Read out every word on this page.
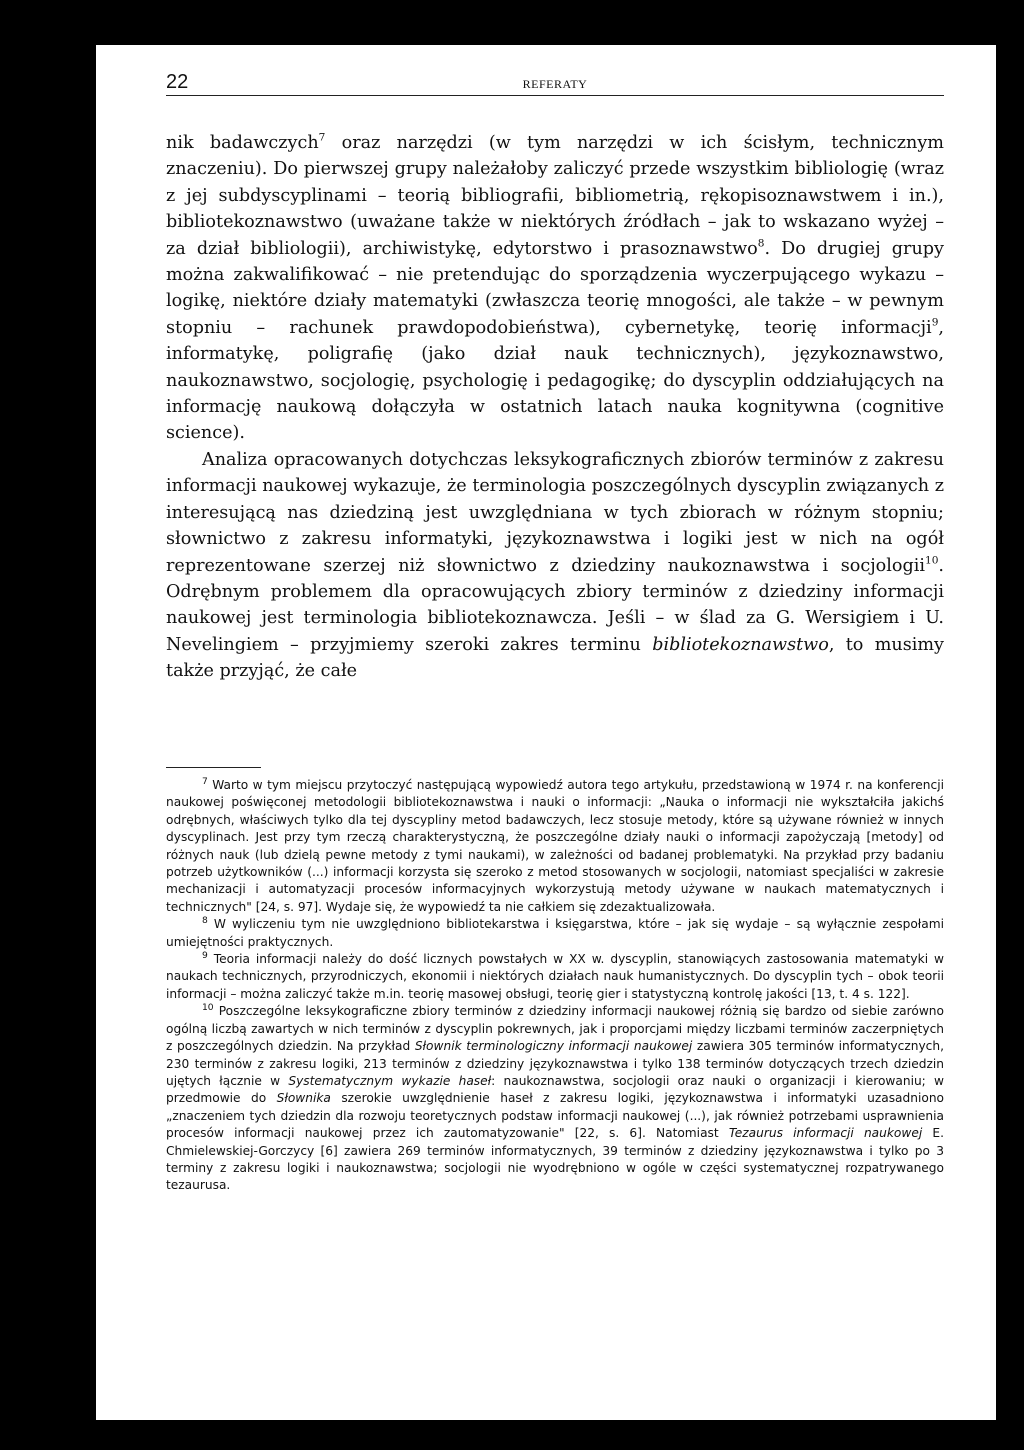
22	REFERATY

nik badawczych$^7$ oraz narzędzi (w tym narzędzi w ich ścisłym, technicznym znaczeniu). Do pierwszej grupy należałoby zaliczyć przede wszystkim bibliologię (wraz z jej subdyscyplinami – teorią bibliografii, bibliometrią, rękopisoznawstwem i in.), bibliotekoznawstwo (uważane także w niektórych źródłach – jak to wskazano wyżej – za dział bibliologii), archiwistykę, edytorstwo i prasoznawstwo$^8$. Do drugiej grupy można zakwalifikować – nie pretendując do sporządzenia wyczerpującego wykazu – logikę, niektóre działy matematyki (zwłaszcza teorię mnogości, ale także – w pewnym stopniu – rachunek prawdopodobieństwa), cybernetykę, teorię informacji$^9$, informatykę, poligrafię (jako dział nauk technicznych), językoznawstwo, naukoznawstwo, socjologię, psychologię i pedagogikę; do dyscyplin oddziałujących na informację naukową dołączyła w ostatnich latach nauka kognitywna (cognitive science).

Analiza opracowanych dotychczas leksykograficznych zbiorów terminów z zakresu informacji naukowej wykazuje, że terminologia poszczególnych dyscyplin związanych z interesującą nas dziedziną jest uwzględniana w tych zbiorach w różnym stopniu; słownictwo z zakresu informatyki, językoznawstwa i logiki jest w nich na ogół reprezentowane szerzej niż słownictwo z dziedziny naukoznawstwa i socjologii$^{10}$. Odrębnym problemem dla opracowujących zbiory terminów z dziedziny informacji naukowej jest terminologia bibliotekoznawcza. Jeśli – w ślad za G. Wersigiem i U. Nevelingiem – przyjmiemy szeroki zakres terminu bibliotekoznawstwo, to musimy także przyjąć, że całe

$^7$ Warto w tym miejscu przytoczyć następującą wypowiedź autora tego artykułu, przedstawioną w 1974 r. na konferencji naukowej poświęconej metodologii bibliotekoznawstwa i nauki o informacji: „Nauka o informacji nie wykształciła jakichś odrębnych, właściwych tylko dla tej dyscypliny metod badawczych, lecz stosuje metody, które są używane również w innych dyscyplinach. Jest przy tym rzeczą charakterystyczną, że poszczególne działy nauki o informacji zapożyczają [metody] od różnych nauk (lub dzielą pewne metody z tymi naukami), w zależności od badanej problematyki. Na przykład przy badaniu potrzeb użytkowników (...) informacji korzysta się szeroko z metod stosowanych w socjologii, natomiast specjaliści w zakresie mechanizacji i automatyzacji procesów informacyjnych wykorzystują metody używane w naukach matematycznych i technicznych" [24, s. 97]. Wydaje się, że wypowiedź ta nie całkiem się zdezaktualizowała.

$^8$ W wyliczeniu tym nie uwzględniono bibliotekarstwa i księgarstwa, które – jak się wydaje – są wyłącznie zespołami umiejętności praktycznych.

$^9$ Teoria informacji należy do dość licznych powstałych w XX w. dyscyplin, stanowiących zastosowania matematyki w naukach technicznych, przyrodniczych, ekonomii i niektórych działach nauk humanistycznych. Do dyscyplin tych – obok teorii informacji – można zaliczyć także m.in. teorię masowej obsługi, teorię gier i statystyczną kontrolę jakości [13, t. 4 s. 122].

$^{10}$ Poszczególne leksykograficzne zbiory terminów z dziedziny informacji naukowej różnią się bardzo od siebie zarówno ogólną liczbą zawartych w nich terminów z dyscyplin pokrewnych, jak i proporcjami między liczbami terminów zaczerpniętych z poszczególnych dziedzin. Na przykład Słownik terminologiczny informacji naukowej zawiera 305 terminów informatycznych, 230 terminów z zakresu logiki, 213 terminów z dziedziny językoznawstwa i tylko 138 terminów dotyczących trzech dziedzin ujętych łącznie w Systematycznym wykazie haseł: naukoznawstwa, socjologii oraz nauki o organizacji i kierowaniu; w przedmowie do Słownika szerokie uwzględnienie haseł z zakresu logiki, językoznawstwa i informatyki uzasadniono „znaczeniem tych dziedzin dla rozwoju teoretycznych podstaw informacji naukowej (...), jak również potrzebami usprawnienia procesów informacji naukowej przez ich zautomatyzowanie" [22, s. 6]. Natomiast Tezaurus informacji naukowej E. Chmielewskiej-Gorczycy [6] zawiera 269 terminów informatycznych, 39 terminów z dziedziny językoznawstwa i tylko po 3 terminy z zakresu logiki i naukoznawstwa; socjologii nie wyodrębniono w ogóle w części systematycznej rozpatrywanego tezaurusa.
